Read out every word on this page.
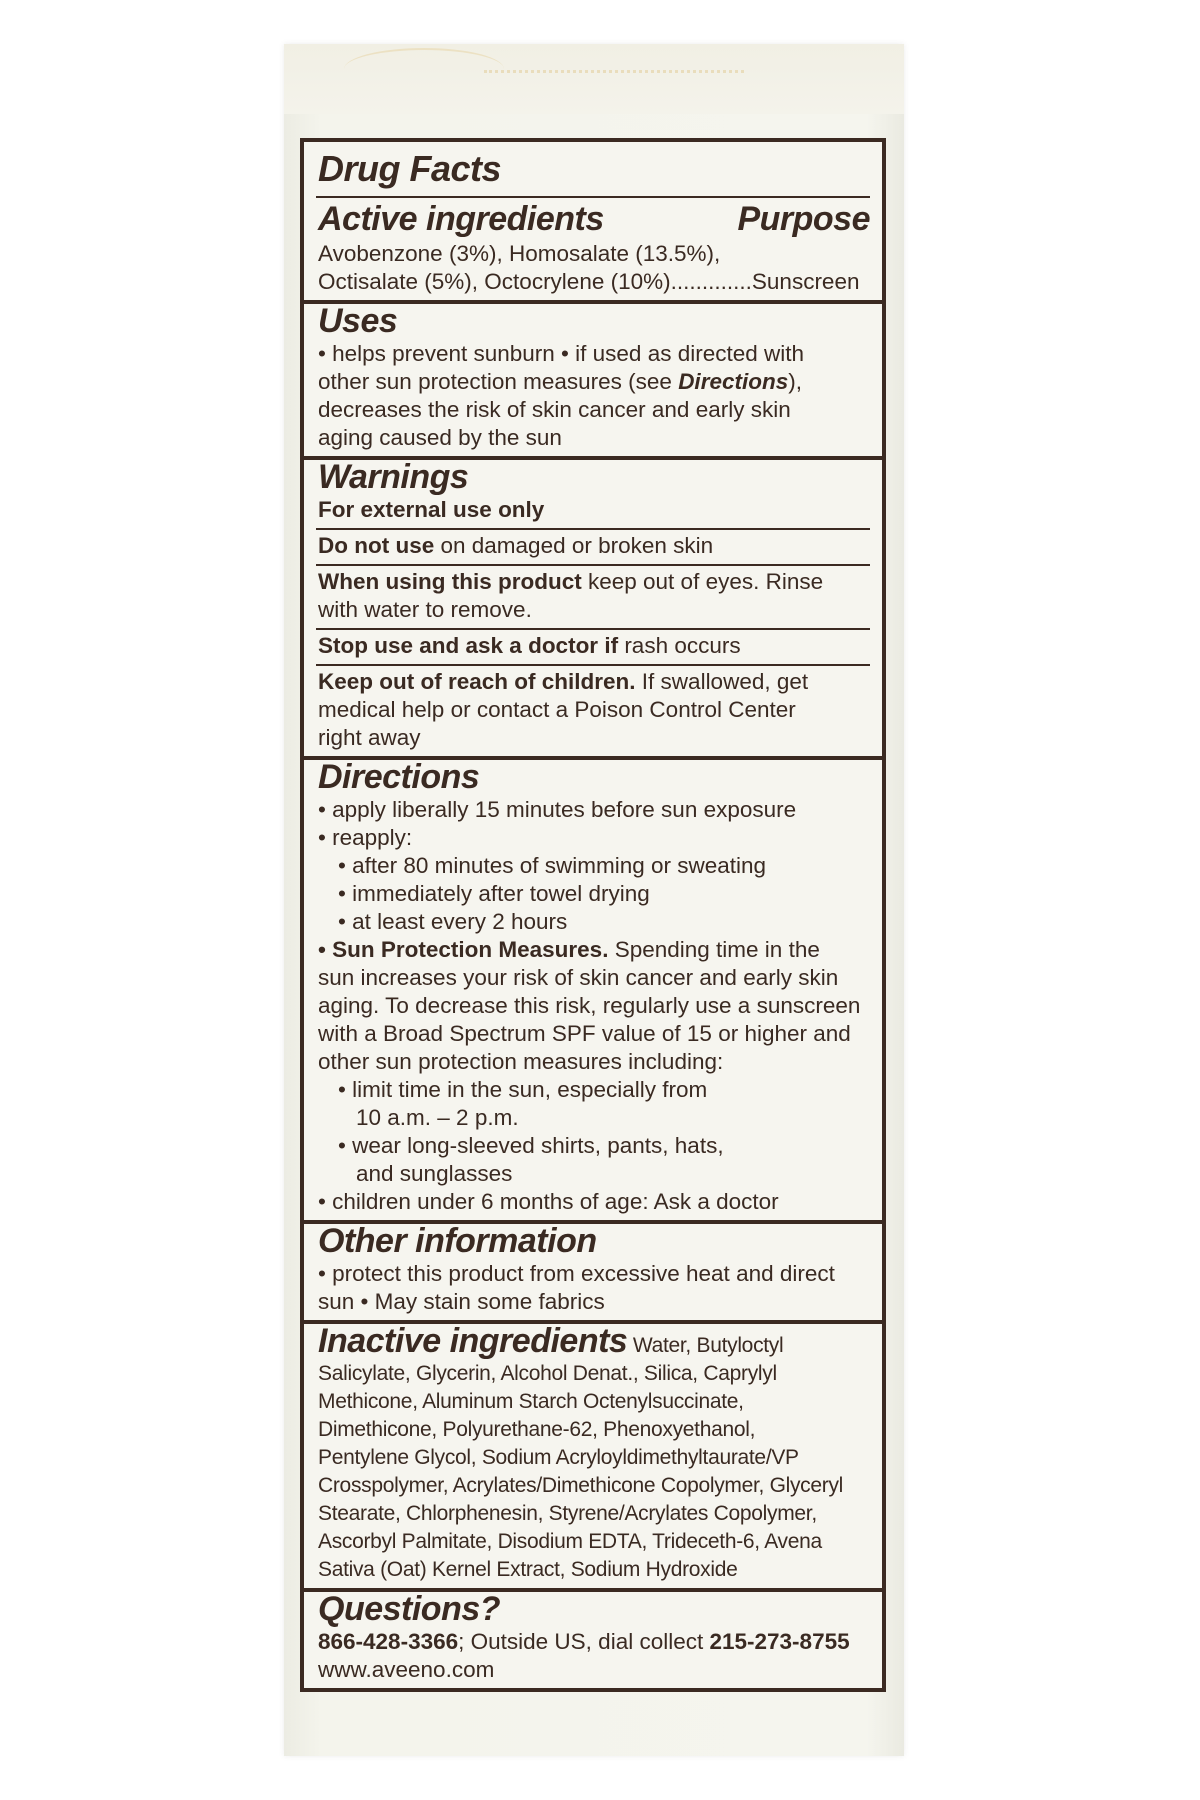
Drug Facts
Active ingredients	Purpose
Avobenzone (3%), Homosalate (13.5%),
Octisalate (5%), Octocrylene (10%).............Sunscreen
Uses
• helps prevent sunburn • if used as directed with
other sun protection measures (see Directions),
decreases the risk of skin cancer and early skin
aging caused by the sun
Warnings
For external use only
Do not use on damaged or broken skin
When using this product keep out of eyes. Rinse
with water to remove.
Stop use and ask a doctor if rash occurs
Keep out of reach of children. If swallowed, get
medical help or contact a Poison Control Center
right away
Directions
• apply liberally 15 minutes before sun exposure
• reapply:
• after 80 minutes of swimming or sweating
• immediately after towel drying
• at least every 2 hours
• Sun Protection Measures. Spending time in the
sun increases your risk of skin cancer and early skin
aging. To decrease this risk, regularly use a sunscreen
with a Broad Spectrum SPF value of 15 or higher and
other sun protection measures including:
• limit time in the sun, especially from
10 a.m. – 2 p.m.
• wear long-sleeved shirts, pants, hats,
and sunglasses
• children under 6 months of age: Ask a doctor
Other information
• protect this product from excessive heat and direct
sun • May stain some fabrics
Inactive ingredients Water, Butyloctyl
Salicylate, Glycerin, Alcohol Denat., Silica, Caprylyl
Methicone, Aluminum Starch Octenylsuccinate,
Dimethicone, Polyurethane-62, Phenoxyethanol,
Pentylene Glycol, Sodium Acryloyldimethyltaurate/VP
Crosspolymer, Acrylates/Dimethicone Copolymer, Glyceryl
Stearate, Chlorphenesin, Styrene/Acrylates Copolymer,
Ascorbyl Palmitate, Disodium EDTA, Trideceth-6, Avena
Sativa (Oat) Kernel Extract, Sodium Hydroxide
Questions?
866-428-3366; Outside US, dial collect 215-273-8755
www.aveeno.com
